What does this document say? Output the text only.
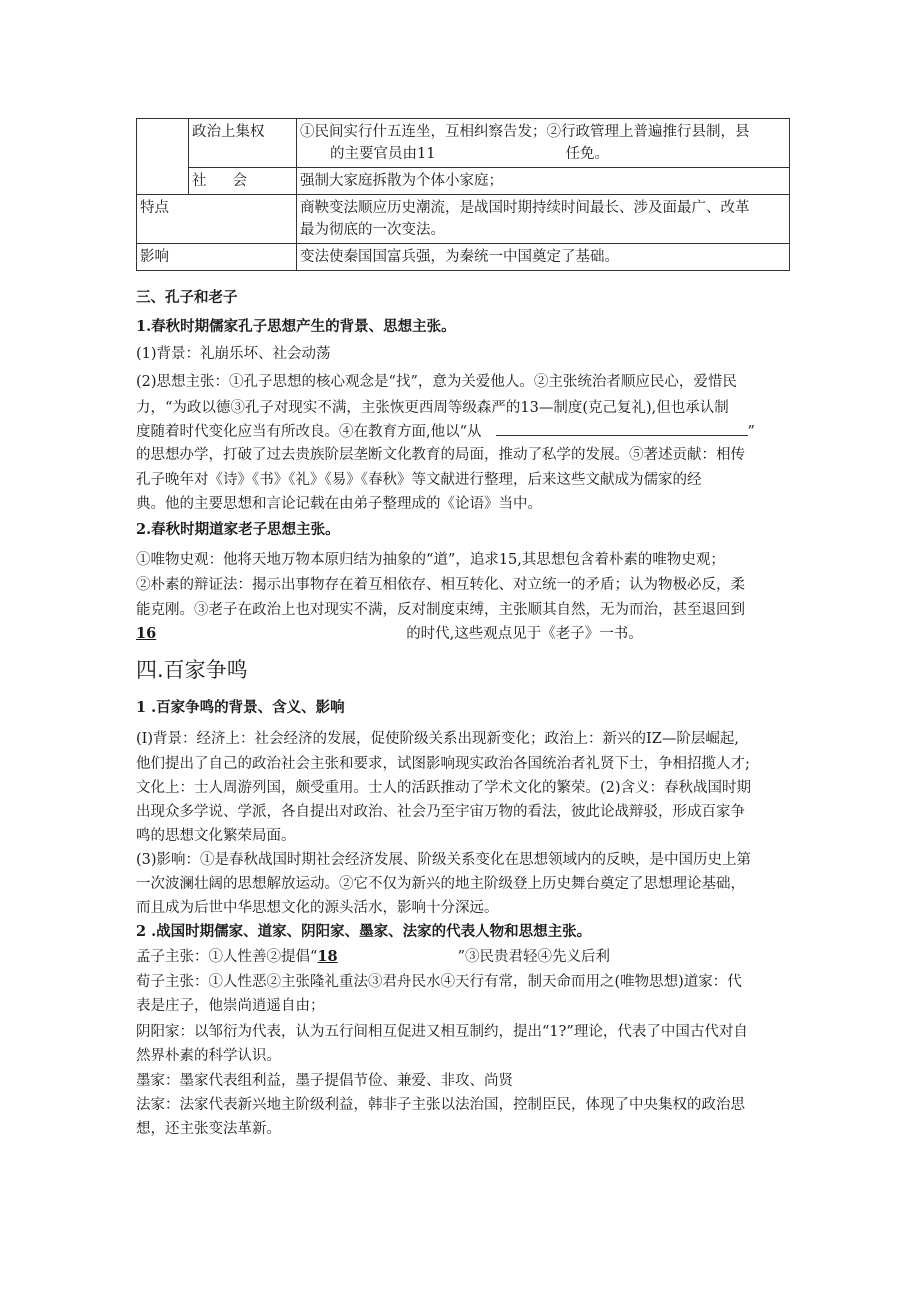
	政治上集权	①民间实行什五连坐，互相纠察告发；②行政管理上普遍推行县制，县
的主要官员由11 任免。

	社会	强制大家庭拆散为个体小家庭；
特点		商鞅变法顺应历史潮流，是战国时期持续时间最长、涉及面最广、改革
最为彻底的一次变法。

影响		变法使秦国国富兵强，为秦统一中国奠定了基础。
三、孔子和老子
1.春秋时期儒家孔子思想产生的背景、思想主张。
(1)背景：礼崩乐坏、社会动荡
(2)思想主张：①孔子思想的核心观念是“找”，意为关爱他人。②主张统治者顺应民心，爱惜民
力，“为政以德③孔子对现实不满，主张恢更西周等级森严的13—制度(克己复礼),但也承认制
度随着时代变化应当有所改良。④在教育方面,他以“从	”
的思想办学，打破了过去贵族阶层垄断文化教育的局面，推动了私学的发展。⑤著述贡献：相传
孔子晚年对《诗》《书》《礼》《易》《春秋》等文献进行整理，后来这些文献成为儒家的经
典。他的主要思想和言论记载在由弟子整理成的《论语》当中。
2.春秋时期道家老子思想主张。
①唯物史观：他将天地万物本原归结为抽象的“道”，追求15,其思想包含着朴素的唯物史观；
②朴素的辩证法：揭示出事物存在着互相依存、相互转化、对立统一的矛盾；认为物极必反，柔
能克刚。③老子在政治上也对现实不满，反对制度束缚，主张顺其自然，无为而治，甚至退回到
16	的时代,这些观点见于《老子》一书。
四.百家争鸣
1 .百家争鸣的背景、含义、影响
(I)背景：经济上：社会经济的发展，促使阶级关系出现新变化；政治上：新兴的IZ—阶层崛起,
他们提出了自己的政治社会主张和要求，试图影响现实政治各国统治者礼贤下士，争相招揽人才;
文化上：士人周游列国，颇受重用。士人的活跃推动了学术文化的繁荣。(2)含义：春秋战国时期
出现众多学说、学派，各自提出对政治、社会乃至宇宙万物的看法，彼此论战辩驳，形成百家争
鸣的思想文化繁荣局面。
(3)影响：①是春秋战国时期社会经济发展、阶级关系变化在思想领域内的反映，是中国历史上第
一次波澜壮阔的思想解放运动。②它不仅为新兴的地主阶级登上历史舞台奠定了思想理论基础，
而且成为后世中华思想文化的源头活水，影响十分深远。
2 .战国时期儒家、道家、阴阳家、墨家、法家的代表人物和思想主张。
孟子主张：①人性善②提倡“18	”③民贵君轻④先义后利
荀子主张：①人性恶②主张隆礼重法③君舟民水④天行有常，制天命而用之(唯物思想)道家：代
表是庄子，他崇尚逍遥自由；
阴阳家：以邹衍为代表，认为五行间相互促进又相互制约，提出“1?”理论，代表了中国古代对自
然界朴素的科学认识。
墨家：墨家代表组利益，墨子提倡节俭、兼爱、非攻、尚贤
法家：法家代表新兴地主阶级利益，韩非子主张以法治国，控制臣民，体现了中央集权的政治思
想，还主张变法革新。
